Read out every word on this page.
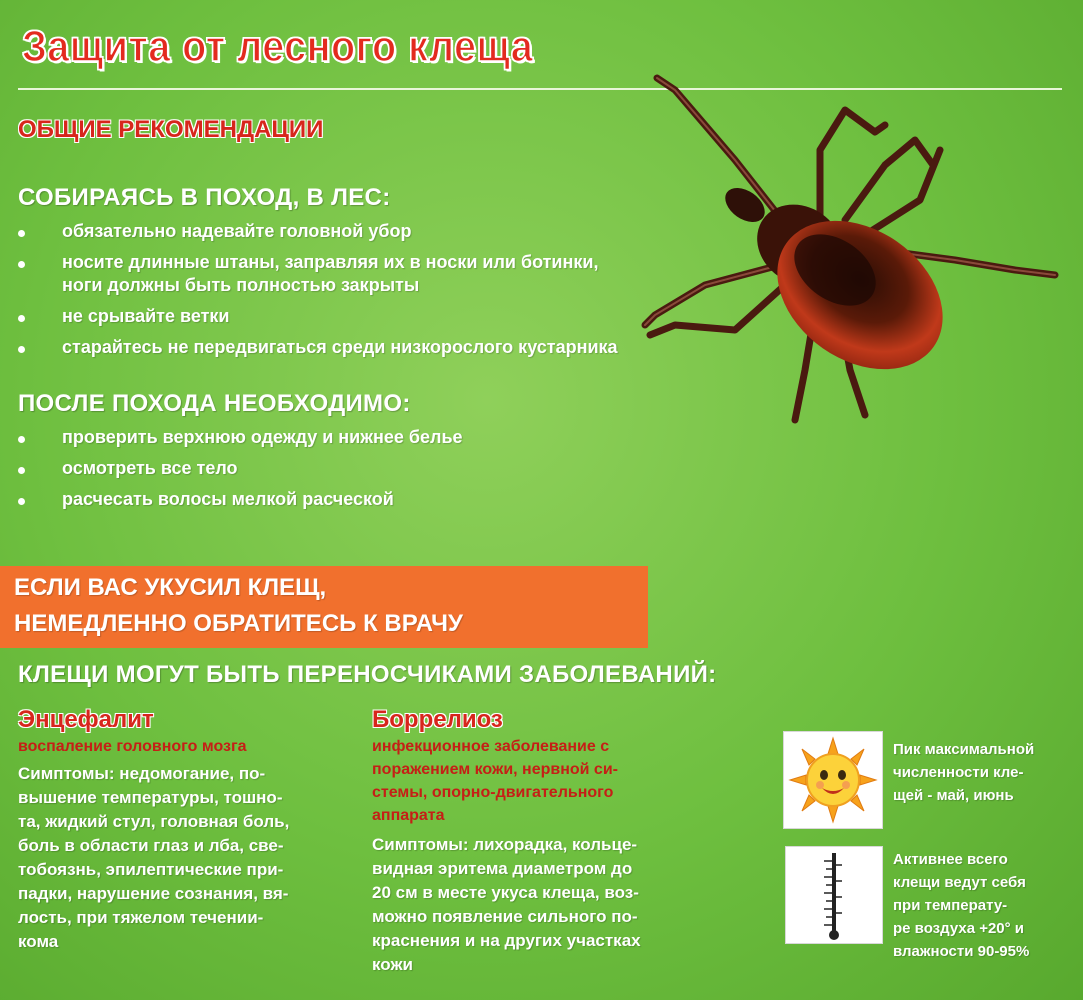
Защита от лесного клеща
ОБЩИЕ РЕКОМЕНДАЦИИ
СОБИРАЯСЬ В ПОХОД, В ЛЕС:
обязательно надевайте головной убор
носите длинные штаны, заправляя их в носки или ботинки,
ноги должны быть полностью закрыты
не срывайте ветки
старайтесь не передвигаться среди низкорослого кустарника
ПОСЛЕ ПОХОДА НЕОБХОДИМО:
проверить верхнюю одежду и нижнее белье
осмотреть все тело
расчесать волосы мелкой расческой
ЕСЛИ ВАС УКУСИЛ КЛЕЩ,
НЕМЕДЛЕННО ОБРАТИТЕСЬ К ВРАЧУ
КЛЕЩИ МОГУТ БЫТЬ ПЕРЕНОСЧИКАМИ ЗАБОЛЕВАНИЙ:
Энцефалит
воспаление головного мозга
Симптомы: недомогание, по-
вышение температуры, тошно-
та, жидкий стул, головная боль,
боль в области глаз и лба, све-
тобоязнь, эпилептические при-
падки, нарушение сознания, вя-
лость, при тяжелом течении-
кома
Боррелиоз
инфекционное заболевание с
поражением кожи, нервной си-
стемы, опорно-двигательного
аппарата
Симптомы: лихорадка, кольце-
видная эритема диаметром до
20 см в месте укуса клеща, воз-
можно появление сильного по-
краснения и на других участках
кожи
Пик максимальной
численности кле-
щей - май, июнь
Активнее всего
клещи ведут себя
при температу-
ре воздуха +20° и
влажности 90-95%
